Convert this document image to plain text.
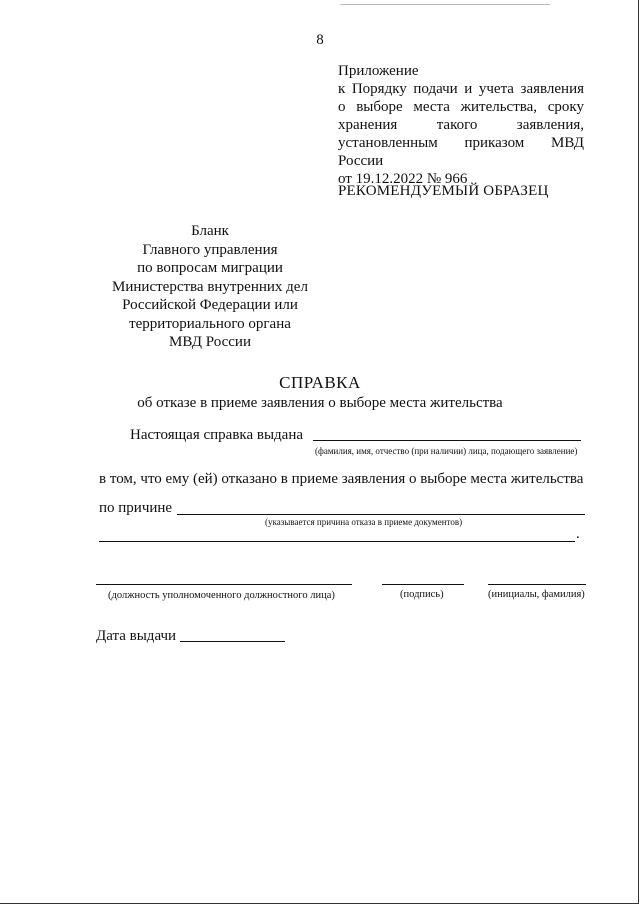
8
Приложение
к Порядку подачи и учета заявления
о выборе места жительства, сроку
хранения такого заявления,
установленным приказом МВД России
от 19.12.2022 № 966
РЕКОМЕНДУЕМЫЙ ОБРАЗЕЦ
Бланк
Главного управления
по вопросам миграции
Министерства внутренних дел
Российской Федерации или
территориального органа
МВД России
СПРАВКА
об отказе в приеме заявления о выборе места жительства
Настоящая справка выдана
(фамилия, имя, отчество (при наличии) лица, подающего заявление)
в том, что ему (ей) отказано в приеме заявления о выборе места жительства
по причине
(указывается причина отказа в приеме документов)
.
(должность уполномоченного должностного лица)	(подпись)	(инициалы, фамилия)
Дата выдачи
